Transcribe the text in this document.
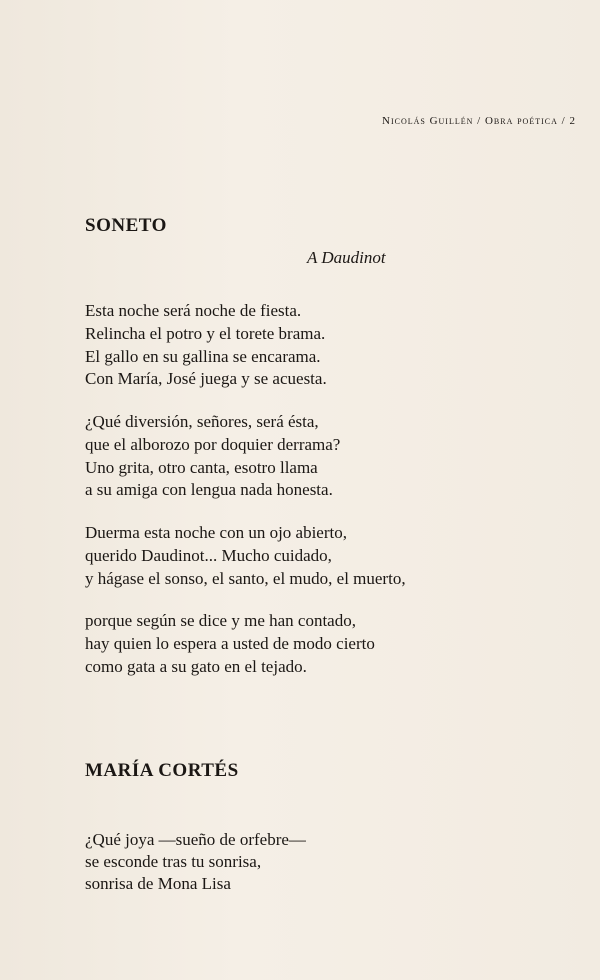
Nicolás Guillén / Obra poética / 2
SONETO
A Daudinot
Esta noche será noche de fiesta.
Relincha el potro y el torete brama.
El gallo en su gallina se encarama.
Con María, José juega y se acuesta.
¿Qué diversión, señores, será ésta,
que el alborozo por doquier derrama?
Uno grita, otro canta, esotro llama
a su amiga con lengua nada honesta.
Duerma esta noche con un ojo abierto,
querido Daudinot... Mucho cuidado,
y hágase el sonso, el santo, el mudo, el muerto,
porque según se dice y me han contado,
hay quien lo espera a usted de modo cierto
como gata a su gato en el tejado.
MARÍA CORTÉS
¿Qué joya —sueño de orfebre—
se esconde tras tu sonrisa,
sonrisa de Mona Lisa
